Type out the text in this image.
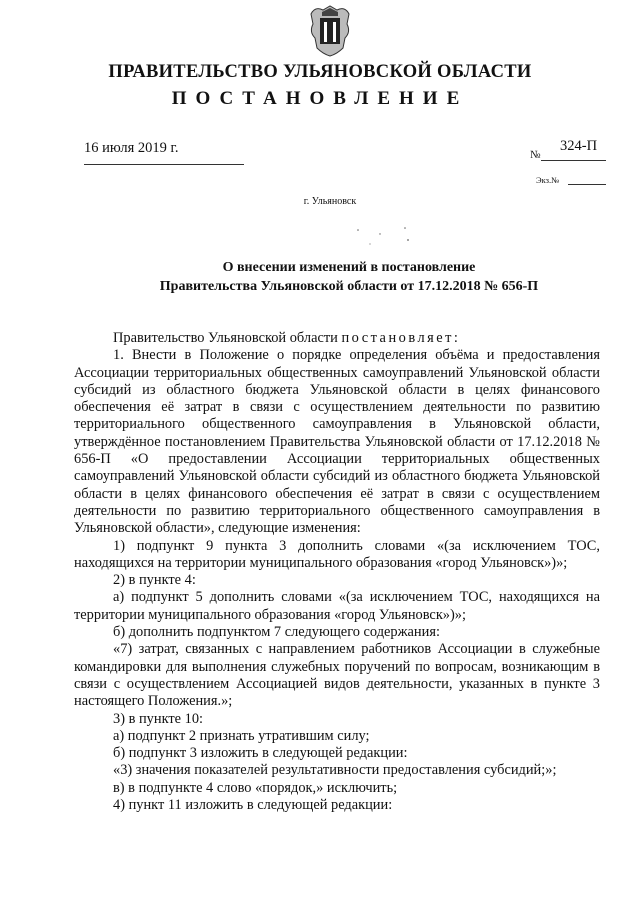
ПРАВИТЕЛЬСТВО УЛЬЯНОВСКОЙ ОБЛАСТИ
ПОСТАНОВЛЕНИЕ
16 июля 2019 г.	№
324-П
Экз.№
г. Ульяновск
О внесении изменений в постановление
Правительства Ульяновской области от 17.12.2018 № 656-П

Правительство Ульяновской области постановляет:

1. Внести в Положение о порядке определения объёма и предоставления Ассоциации территориальных общественных самоуправлений Ульяновской области субсидий из областного бюджета Ульяновской области в целях финансового обеспечения её затрат в связи с осуществлением деятельности по развитию территориального общественного самоуправления в Ульяновской области, утверждённое постановлением Правительства Ульяновской области от 17.12.2018 № 656-П «О предоставлении Ассоциации территориальных общественных самоуправлений Ульяновской области субсидий из областного бюджета Ульяновской области в целях финансового обеспечения её затрат в связи с осуществлением деятельности по развитию территориального общественного самоуправления в Ульяновской области», следующие изменения:

1) подпункт 9 пункта 3 дополнить словами «(за исключением ТОС, находящихся на территории муниципального образования «город Ульяновск»)»;

2) в пункте 4:

а) подпункт 5 дополнить словами «(за исключением ТОС, находящихся на территории муниципального образования «город Ульяновск»)»;

б) дополнить подпунктом 7 следующего содержания:

«7) затрат, связанных с направлением работников Ассоциации в служебные командировки для выполнения служебных поручений по вопросам, возникающим в связи с осуществлением Ассоциацией видов деятельности, указанных в пункте 3 настоящего Положения.»;

3) в пункте 10:

а) подпункт 2 признать утратившим силу;

б) подпункт 3 изложить в следующей редакции:

«3) значения показателей результативности предоставления субсидий;»;

в) в подпункте 4 слово «порядок,» исключить;

4) пункт 11 изложить в следующей редакции:
